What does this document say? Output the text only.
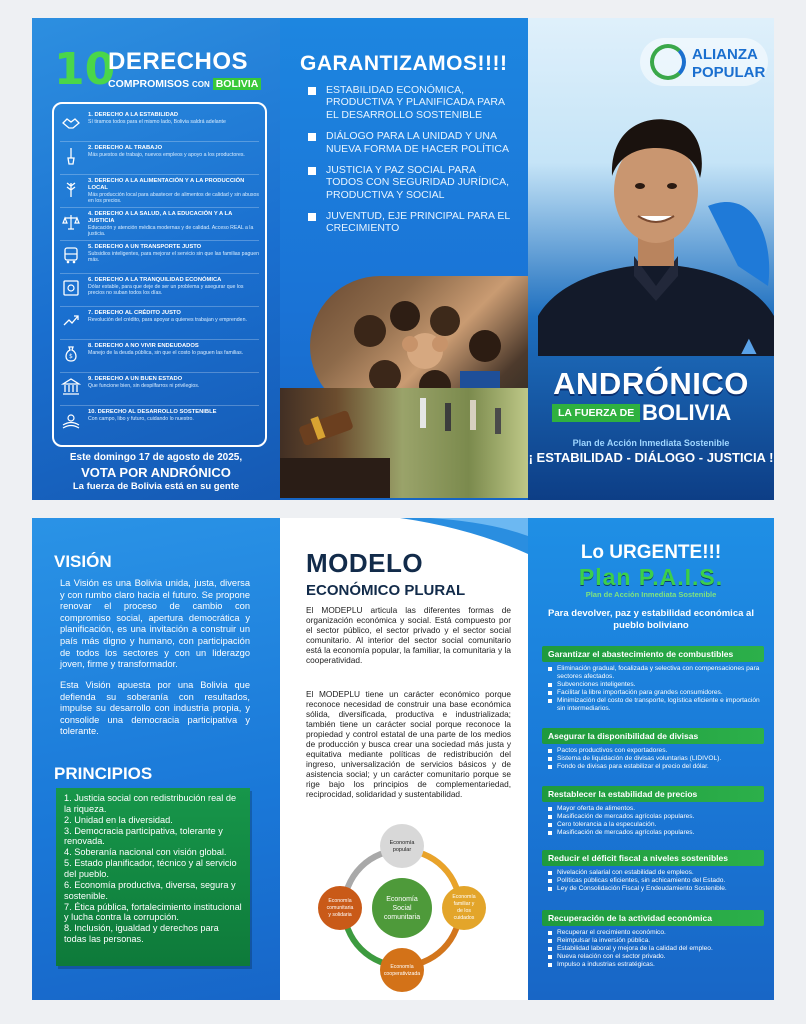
10
DERECHOS
COMPROMISOS CON BOLIVIA
1. DERECHO A LA ESTABILIDAD
Sí tiramos todos para el mismo lado, Bolivia saldrá adelante
2. DERECHO AL TRABAJO
Más puestos de trabajo, nuevos empleos y apoyo a los productores.
3. DERECHO A LA ALIMENTACIÓN Y A LA PRODUCCIÓN LOCAL
Más producción local para abastecer de alimentos de calidad y sin abusos en los precios.
4. DERECHO A LA SALUD, A LA EDUCACIÓN Y A LA JUSTICIA
Educación y atención médica modernas y de calidad. Acceso REAL a la justicia.
5. DERECHO A UN TRANSPORTE JUSTO
Subsidios inteligentes, para mejorar el servicio sin que las familias paguen más.
6. DERECHO A LA TRANQUILIDAD ECONÓMICA
Dólar estable, para que deje de ser un problema y asegurar que los precios no suban todos los días.
7. DERECHO AL CRÉDITO JUSTO
Revolución del crédito, para apoyar a quienes trabajan y emprenden.
$
8. DERECHO A NO VIVIR ENDEUDADOS
Manejo de la deuda pública, sin que el costo lo paguen las familias.
9. DERECHO A UN BUEN ESTADO
Que funcione bien, sin despilfarros ni privilegios.
10. DERECHO AL DESARROLLO SOSTENIBLE
Con campo, libo y futuro, cuidando lo nuestro.
Este domingo 17 de agosto de 2025,
VOTA POR ANDRÓNICO
La fuerza de Bolivia está en su gente
GARANTIZAMOS!!!!
ESTABILIDAD ECONÓMICA, PRODUCTIVA Y PLANIFICADA PARA EL DESARROLLO SOSTENIBLE
DIÁLOGO PARA LA UNIDAD Y UNA NUEVA FORMA DE HACER POLÍTICA
JUSTICIA Y PAZ SOCIAL PARA TODOS CON SEGURIDAD JURÍDICA, PRODUCTIVA Y SOCIAL
JUVENTUD, EJE PRINCIPAL PARA EL CRECIMIENTO
ALIANZA
POPULAR
▲
ANDRÓNICO
LA FUERZA DE BOLIVIA
Plan de Acción Inmediata Sostenible
¡ ESTABILIDAD - DIÁLOGO - JUSTICIA !
VISIÓN

La Visión es una Bolivia unida, justa, diversa y con rumbo claro hacia el futuro. Se propone renovar el proceso de cambio con compromiso social, apertura democrática y planificación, es una invitación a construir un país más digno y humano, con participación de todos los sectores y con un liderazgo joven, firme y transformador.

Esta Visión apuesta por una Bolivia que defienda su soberanía con resultados, impulse su desarrollo con industria propia, y consolide una democracia participativa y tolerante.

PRINCIPIOS
1. Justicia social con redistribución real de la riqueza.
2. Unidad en la diversidad.
3. Democracia participativa, tolerante y renovada.
4. Soberanía nacional con visión global.
5. Estado planificador, técnico y al servicio del pueblo.
6. Economía productiva, diversa, segura y sostenible.
7. Ética pública, fortalecimiento institucional y lucha contra la corrupción.
8. Inclusión, igualdad y derechos para todas las personas.
MODELO
ECONÓMICO PLURAL

El MODEPLU articula las diferentes formas de organización económica y social. Está compuesto por el sector público, el sector privado y el sector social comunitario. Al interior del sector social comunitario está la economía popular, la familiar, la comunitaria y la cooperatividad.

El MODEPLU tiene un carácter económico porque reconoce necesidad de construir una base económica sólida, diversificada, productiva e industrializada; también tiene un carácter social porque reconoce la propiedad y control estatal de una parte de los medios de producción y busca crear una sociedad más justa y equitativa mediante políticas de redistribución del ingreso, universalización de servicios básicos y de asistencia social; y un carácter comunitario porque se rige bajo los principios de complementariedad, reciprocidad, solidaridad y sustentabilidad.

Economía
Social
comunitaria
Economía
popular
Economía
familiar y
de los
cuidados
Economía
cooperativizada
Economía
comunitaria
y solidaria
Lo URGENTE!!!
Plan P.A.I.S.
Plan de Acción Inmediata Sostenible
Para devolver, paz y estabilidad económica al pueblo boliviano
Garantizar el abastecimiento de combustibles
Eliminación gradual, focalizada y selectiva con compensaciones para sectores afectados.
Subvenciones inteligentes.
Facilitar la libre importación para grandes consumidores.
Minimización del costo de transporte, logística eficiente e importación sin intermediarios.
Asegurar la disponibilidad de divisas
Pactos productivos con exportadores.
Sistema de liquidación de divisas voluntarias (LIDIVOL).
Fondo de divisas para estabilizar el precio del dólar.
Restablecer la estabilidad de precios
Mayor oferta de alimentos.
Masificación de mercados agrícolas populares.
Cero tolerancia a la especulación.
Masificación de mercados agrícolas populares.
Reducir el déficit fiscal a niveles sostenibles
Nivelación salarial con estabilidad de empleos.
Políticas públicas eficientes, sin achicamiento del Estado.
Ley de Consolidación Fiscal y Endeudamiento Sostenible.
Recuperación de la actividad económica
Recuperar el crecimiento económico.
Reimpulsar la inversión pública.
Estabilidad laboral y mejora de la calidad del empleo.
Nueva relación con el sector privado.
Impulso a industrias estratégicas.
